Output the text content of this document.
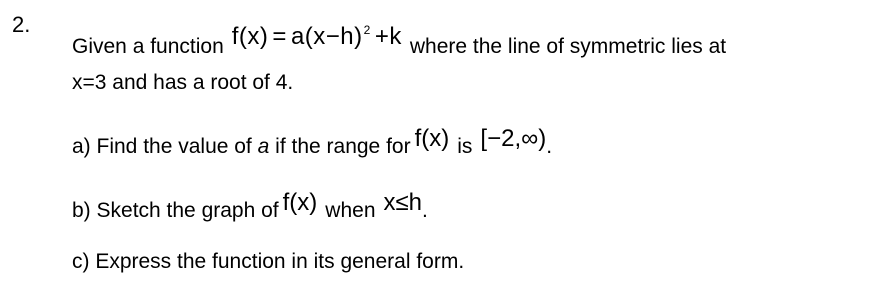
2.
Given a function $f(x) = a(x-h)^2 +k$ where the line of symmetric lies at
x=3 and has a root of 4.
a) Find the value of a if the range for f(x) is [−2,∞).
b) Sketch the graph of f(x) when x≤h.
c) Express the function in its general form.
